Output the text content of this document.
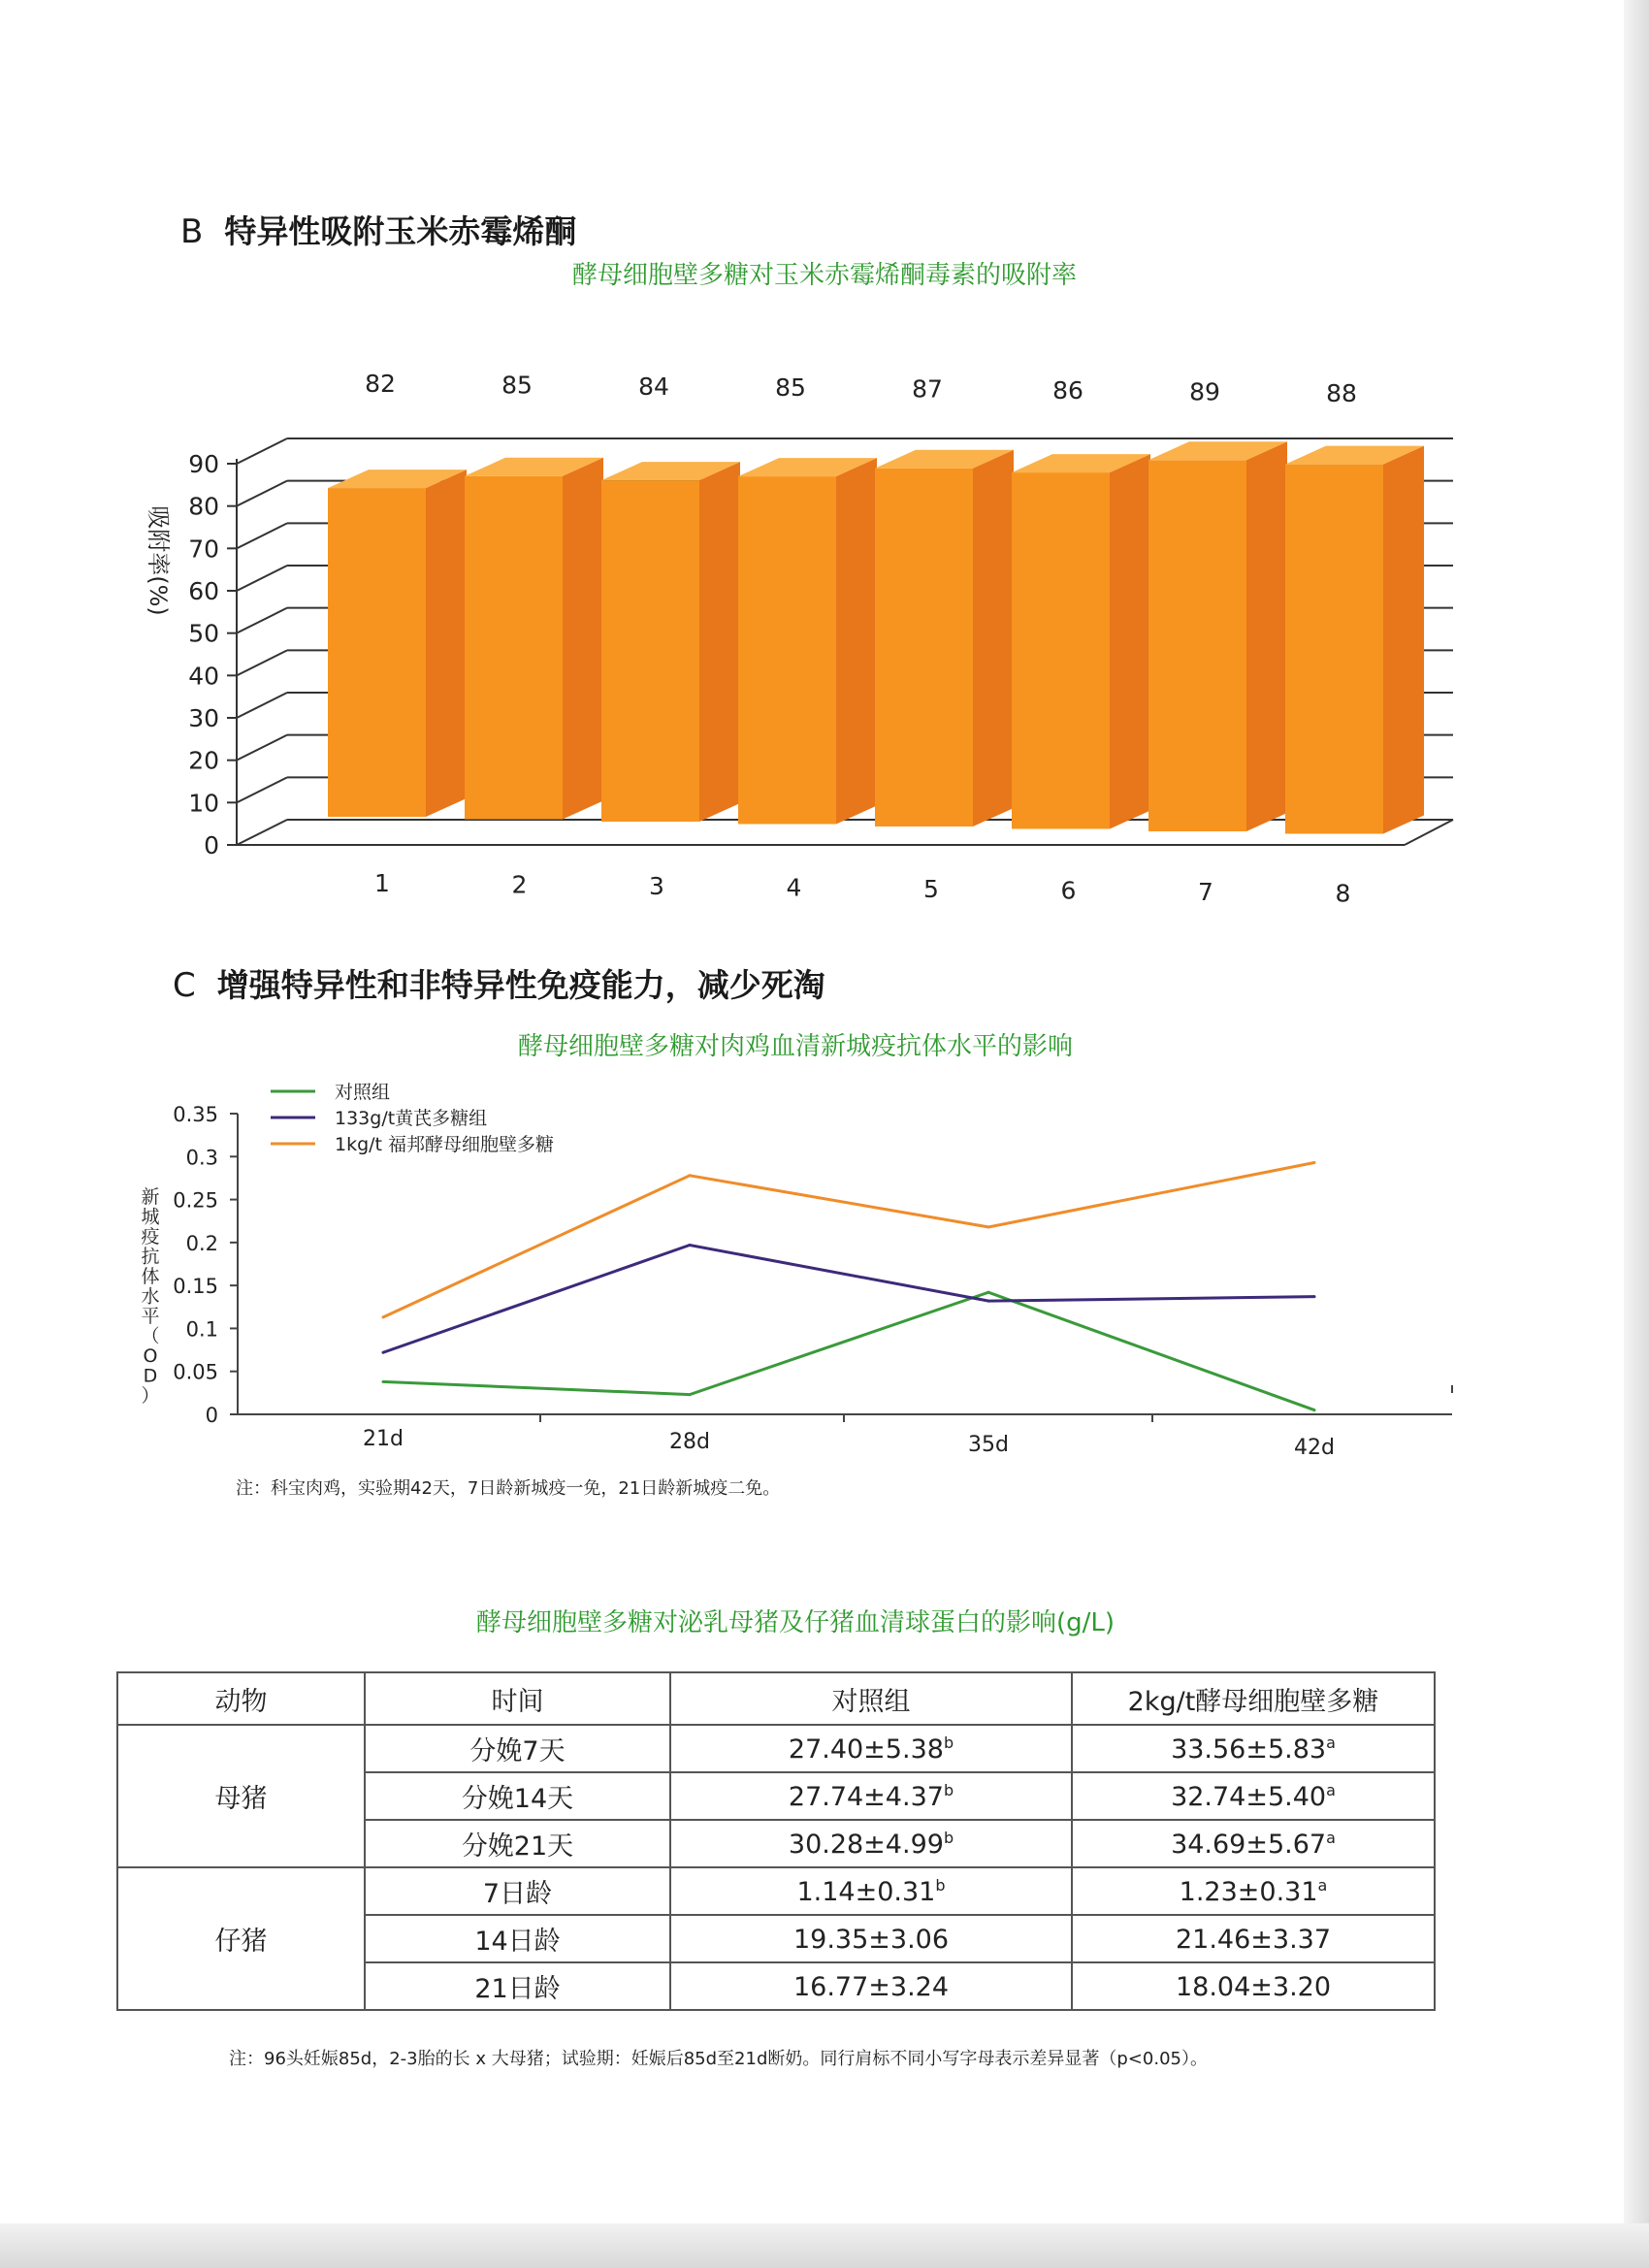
B 特异性吸附玉米赤霉烯酮
酵母细胞壁多糖对玉米赤霉烯酮毒素的吸附率
0
10
20
30
40
50
60
70
80
90
82
1
85
2
84
3
85
4
87
5
86
6
89
7
88
8
吸附率(%)
C 增强特异性和非特异性免疫能力，减少死淘
酵母细胞壁多糖对肉鸡血清新城疫抗体水平的影响
0
0.05
0.1
0.15
0.2
0.25
0.3
0.35
21d	28d	35d	42d
对照组
133g/t黄芪多糖组
1kg/t 福邦酵母细胞壁多糖
新
城
疫
抗
体
水
平
（
O
D
）
注：科宝肉鸡，实验期42天，7日龄新城疫一免，21日龄新城疫二免。
酵母细胞壁多糖对泌乳母猪及仔猪血清球蛋白的影响(g/L)
动物	时间	对照组	2kg/t酵母细胞壁多糖
母猪	分娩7天	27.40±5.38$^b$	33.56±5.83$^a$
	分娩14天	27.74±4.37$^b$	32.74±5.40$^a$
	分娩21天	30.28±4.99$^b$	34.69±5.67$^a$
仔猪	7日龄	1.14±0.31$^b$	1.23±0.31$^a$
	14日龄	19.35±3.06	21.46±3.37
	21日龄	16.77±3.24	18.04±3.20
注：96头妊娠85d，2-3胎的长 x 大母猪；试验期：妊娠后85d至21d断奶。同行肩标不同小写字母表示差异显著（p<0.05）。
